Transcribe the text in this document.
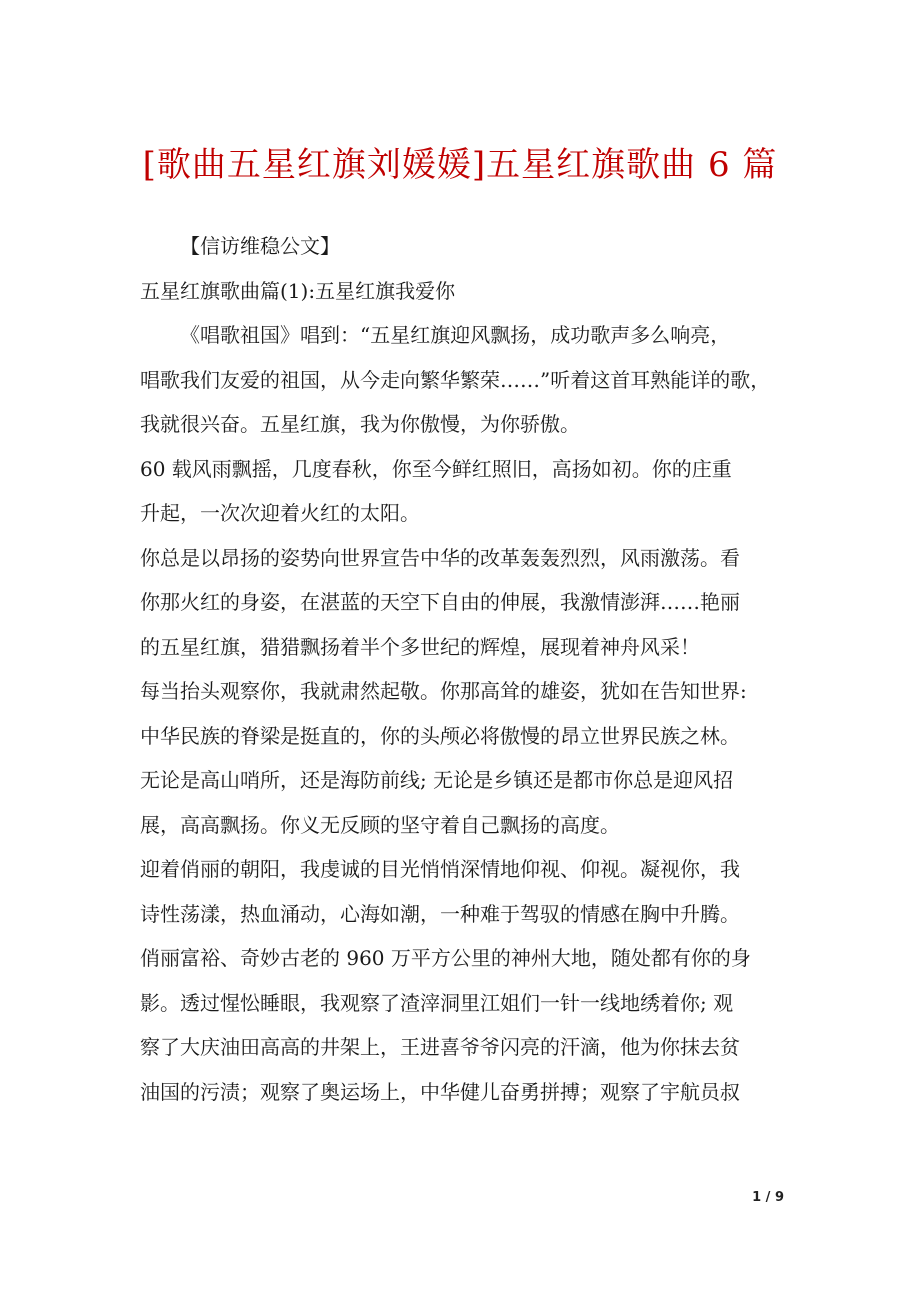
[歌曲五星红旗刘媛媛]五星红旗歌曲 6 篇

【信访维稳公文】

五星红旗歌曲篇(1):五星红旗我爱你

《唱歌祖国》唱到：“五星红旗迎风飘扬，成功歌声多么响亮，

唱歌我们友爱的祖国，从今走向繁华繁荣……”听着这首耳熟能详的歌，

我就很兴奋。五星红旗，我为你傲慢，为你骄傲。

60 载风雨飘摇，几度春秋，你至今鲜红照旧，高扬如初。你的庄重

升起，一次次迎着火红的太阳。

你总是以昂扬的姿势向世界宣告中华的改革轰轰烈烈，风雨激荡。看

你那火红的身姿，在湛蓝的天空下自由的伸展，我激情澎湃……艳丽

的五星红旗，猎猎飘扬着半个多世纪的辉煌，展现着神舟风采！

每当抬头观察你，我就肃然起敬。你那高耸的雄姿，犹如在告知世界:

中华民族的脊梁是挺直的，你的头颅必将傲慢的昂立世界民族之林。

无论是高山哨所，还是海防前线; 无论是乡镇还是都市你总是迎风招

展，高高飘扬。你义无反顾的坚守着自己飘扬的高度。

迎着俏丽的朝阳，我虔诚的目光悄悄深情地仰视、仰视。凝视你，我

诗性荡漾，热血涌动，心海如潮，一种难于驾驭的情感在胸中升腾。

俏丽富裕、奇妙古老的 960 万平方公里的神州大地，随处都有你的身

影。透过惺忪睡眼，我观察了渣滓洞里江姐们一针一线地绣着你; 观

察了大庆油田高高的井架上，王进喜爷爷闪亮的汗滴，他为你抹去贫

油国的污渍；观察了奥运场上，中华健儿奋勇拼搏；观察了宇航员叔

1 / 9
